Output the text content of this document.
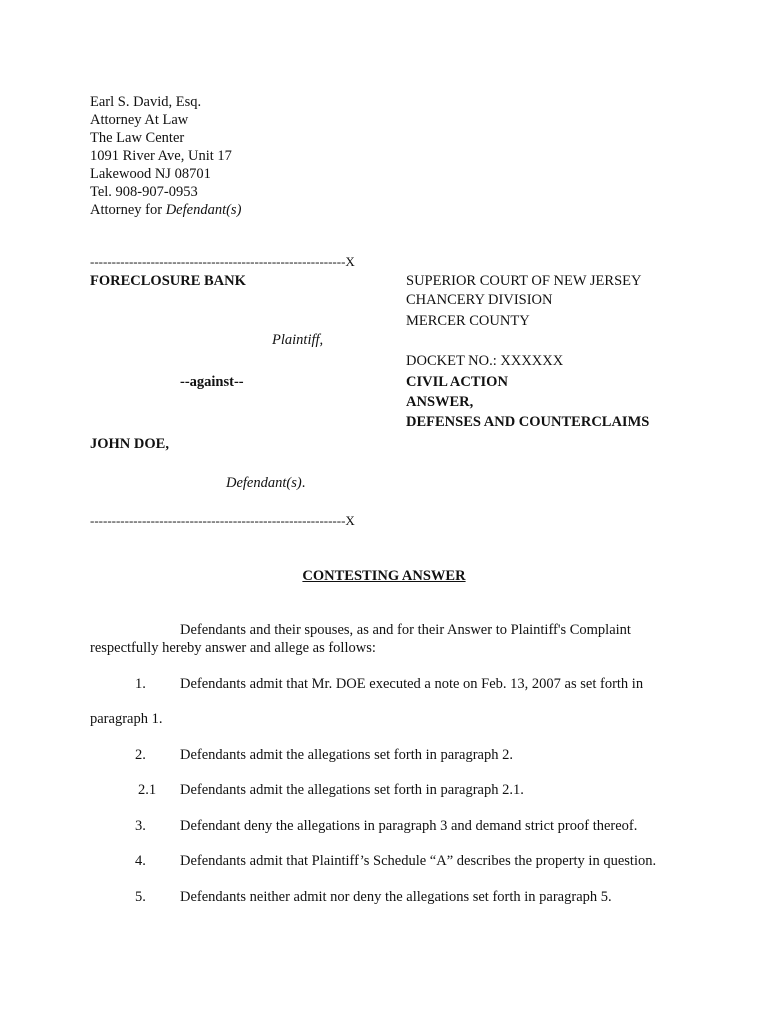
Earl S. David, Esq.
Attorney At Law
The Law Center
1091 River Ave, Unit 17
Lakewood NJ 08701
Tel. 908-907-0953
Attorney for Defendant(s)
-----------------------------------------------------------X
-----------------------------------------------------------X
FORECLOSURE BANK
Plaintiff,
--against--
JOHN DOE,
Defendant(s).
SUPERIOR COURT OF NEW JERSEY
CHANCERY DIVISION
MERCER COUNTY
DOCKET NO.: XXXXXX
CIVIL ACTION
ANSWER,
DEFENSES AND COUNTERCLAIMS
CONTESTING ANSWER
Defendants and their spouses, as and for their Answer to Plaintiff's Complaint
respectfully hereby answer and allege as follows:
1. Defendants admit that Mr. DOE executed a note on Feb. 13, 2007 as set forth in
paragraph 1.
2. Defendants admit the allegations set forth in paragraph 2.
2.1 Defendants admit the allegations set forth in paragraph 2.1.
3. Defendant deny the allegations in paragraph 3 and demand strict proof thereof.
4. Defendants admit that Plaintiff’s Schedule “A” describes the property in question.
5. Defendants neither admit nor deny the allegations set forth in paragraph 5.
